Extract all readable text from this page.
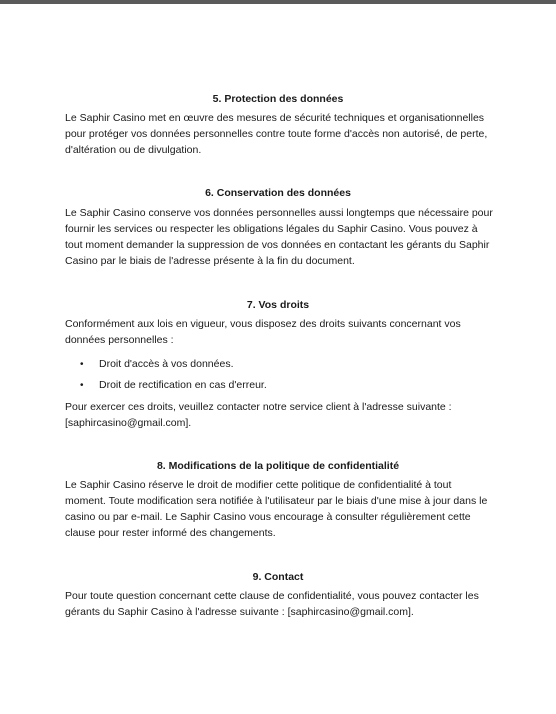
5. Protection des données
Le Saphir Casino met en œuvre des mesures de sécurité techniques et organisationnelles pour protéger vos données personnelles contre toute forme d'accès non autorisé, de perte, d'altération ou de divulgation.
6. Conservation des données
Le Saphir Casino conserve vos données personnelles aussi longtemps que nécessaire pour fournir les services ou respecter les obligations légales du Saphir Casino. Vous pouvez à tout moment demander la suppression de vos données en contactant les gérants du Saphir Casino par le biais de l'adresse présente à la fin du document.
7. Vos droits
Conformément aux lois en vigueur, vous disposez des droits suivants concernant vos données personnelles :
• Droit d'accès à vos données.
• Droit de rectification en cas d'erreur.
Pour exercer ces droits, veuillez contacter notre service client à l'adresse suivante : [saphircasino@gmail.com].
8. Modifications de la politique de confidentialité
Le Saphir Casino réserve le droit de modifier cette politique de confidentialité à tout moment. Toute modification sera notifiée à l'utilisateur par le biais d'une mise à jour dans le casino ou par e-mail. Le Saphir Casino vous encourage à consulter régulièrement cette clause pour rester informé des changements.
9. Contact
Pour toute question concernant cette clause de confidentialité, vous pouvez contacter les gérants du Saphir Casino à l'adresse suivante : [saphircasino@gmail.com].
